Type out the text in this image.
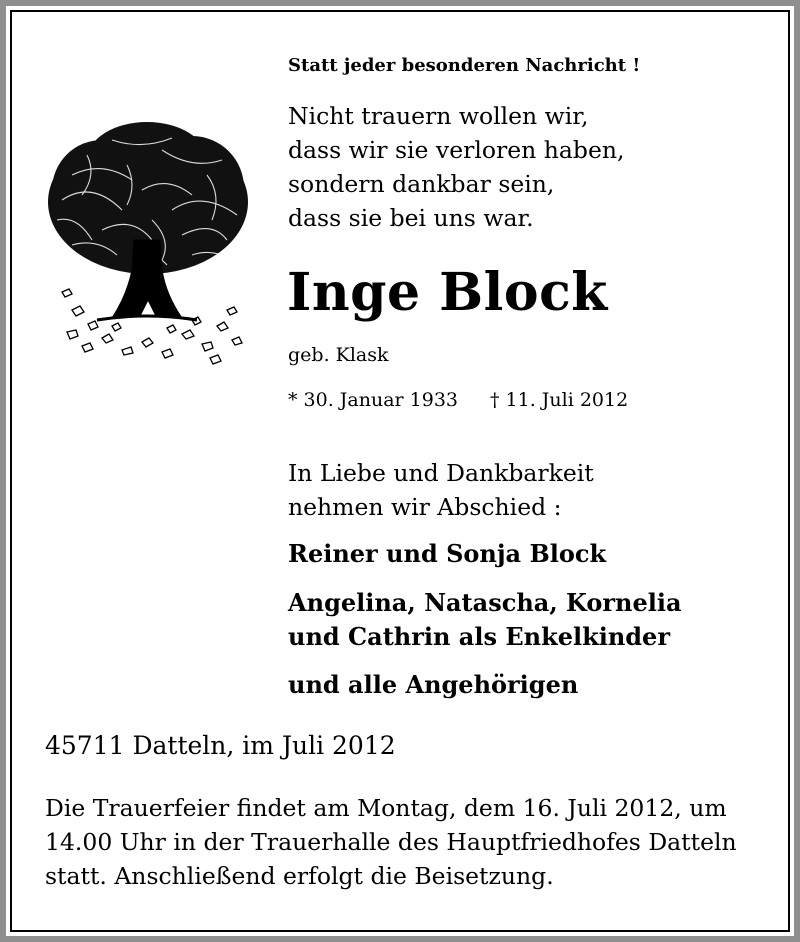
Statt jeder besonderen Nachricht !

Nicht trauern wollen wir,
dass wir sie verloren haben,
sondern dankbar sein,
dass sie bei uns war.

Inge Block

geb. Klask

* 30. Januar 1933 † 11. Juli 2012

In Liebe und Dankbarkeit
nehmen wir Abschied :
Reiner und Sonja Block
Angelina, Natascha, Kornelia
und Cathrin als Enkelkinder
und alle Angehörigen

45711 Datteln, im Juli 2012

Die Trauerfeier findet am Montag, dem 16. Juli 2012, um
14.00 Uhr in der Trauerhalle des Hauptfriedhofes Datteln
statt. Anschließend erfolgt die Beisetzung.
